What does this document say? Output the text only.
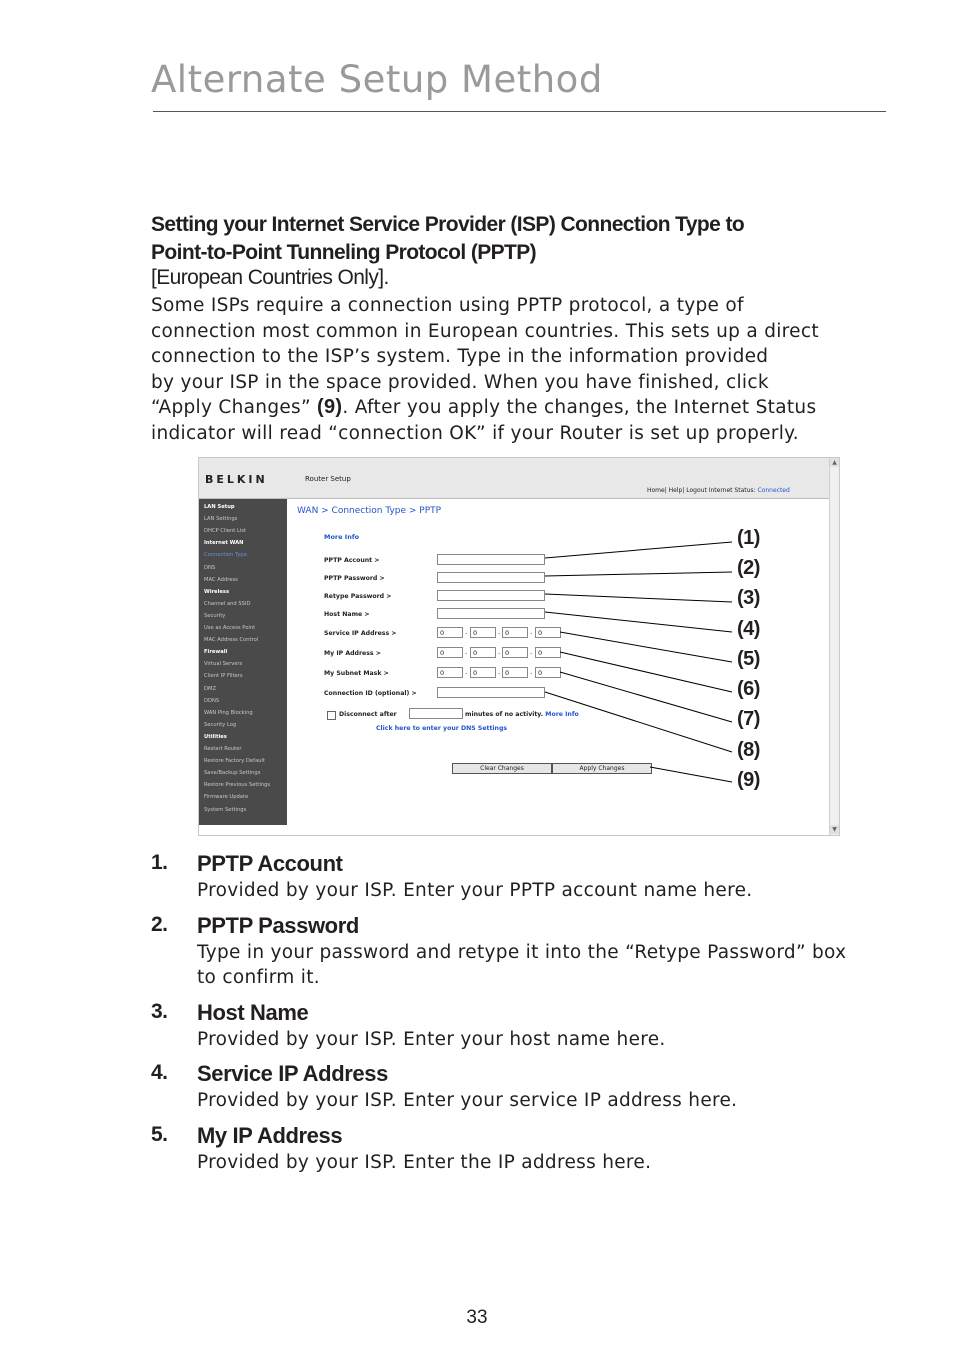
Alternate Setup Method
Setting your Internet Service Provider (ISP) Connection Type to
Point-to-Point Tunneling Protocol (PPTP)
[European Countries Only].
Some ISPs require a connection using PPTP protocol, a type of
connection most common in European countries. This sets up a direct
connection to the ISP’s system. Type in the information provided
by your ISP in the space provided. When you have finished, click
“Apply Changes” (9). After you apply the changes, the Internet Status
indicator will read “connection OK” if your Router is set up properly.
BELKIN	Router Setup
Home| Help| Logout Internet Status: Connected
▲
▼
LAN Setup
LAN Settings
DHCP Client List
Internet WAN
Connection Type
DNS
MAC Address
Wireless
Channel and SSID
Security
Use as Access Point
MAC Address Control
Firewall
Virtual Servers
Client IP Filters
DMZ
DDNS
WAN Ping Blocking
Security Log
Utilities
Restart Router
Restore Factory Default
Save/Backup Settings
Restore Previous Settings
Firmware Update
System Settings
WAN > Connection Type > PPTP
More Info
PPTP Account >
PPTP Password >
Retype Password >
Host Name >
Service IP Address >	0	. 0	. 0	. 0
My IP Address >	0	. 0	. 0	. 0
My Subnet Mask >	0	. 0	. 0	. 0
Connection ID (optional) >
Disconnect after	minutes of no activity. More Info
Click here to enter your DNS Settings
Clear Changes	Apply Changes
(1)
(2)
(3)
(4)
(5)
(6)
(7)
(8)
(9)
1. PPTP Account
Provided by your ISP. Enter your PPTP account name here.
2. PPTP Password
Type in your password and retype it into the “Retype Password” box to confirm it.
3. Host Name
Provided by your ISP. Enter your host name here.
4. Service IP Address
Provided by your ISP. Enter your service IP address here.
5. My IP Address
Provided by your ISP. Enter the IP address here.
33
